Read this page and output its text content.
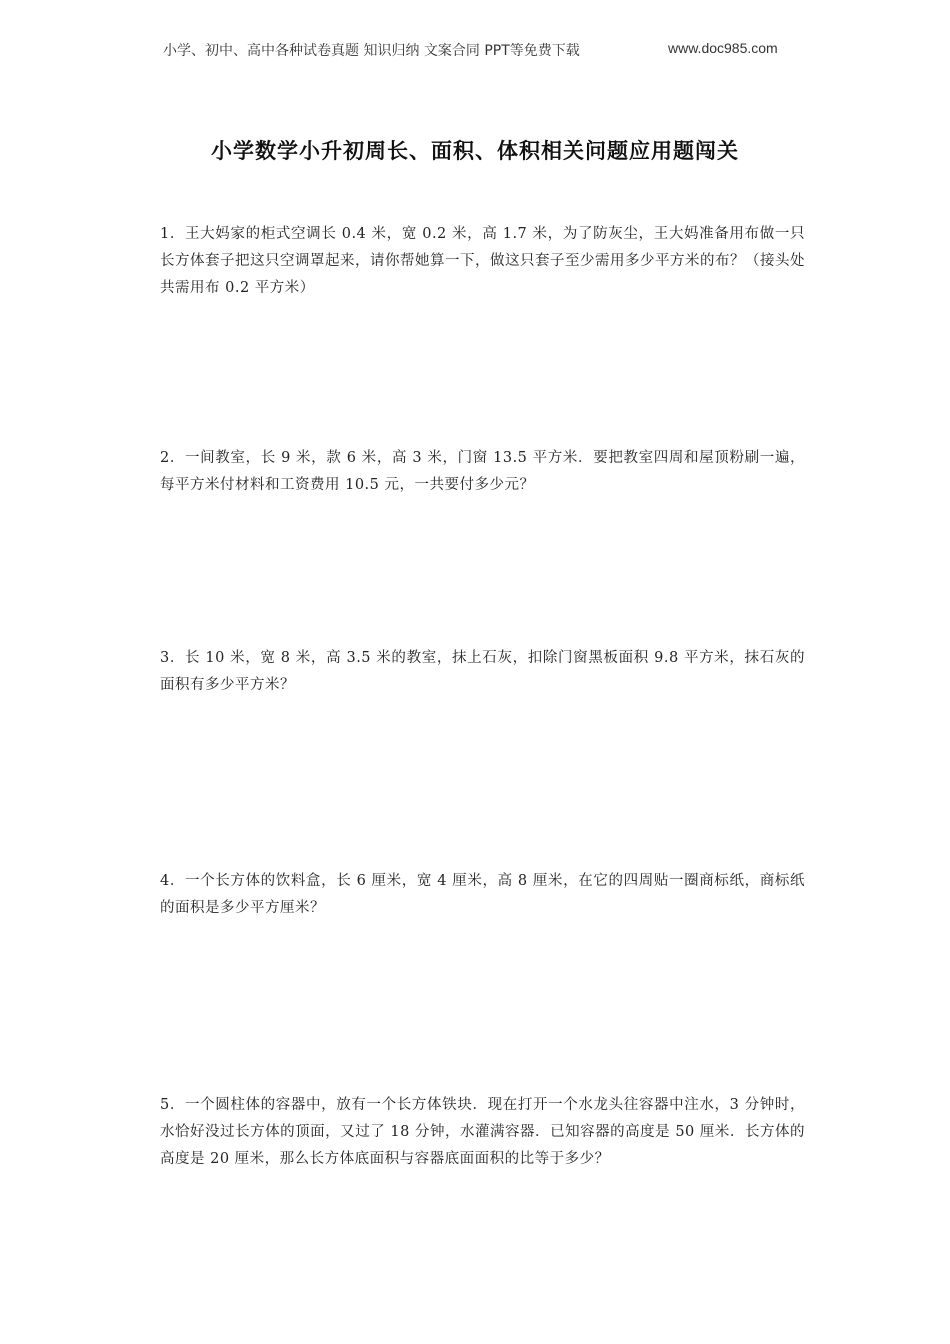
小学、初中、高中各种试卷真题 知识归纳 文案合同 PPT等免费下载	www.doc985.com
小学数学小升初周长、面积、体积相关问题应用题闯关
1．王大妈家的柜式空调长 0.4 米，宽 0.2 米，高 1.7 米，为了防灰尘，王大妈准备用布做一只长方体套子把这只空调罩起来，请你帮她算一下，做这只套子至少需用多少平方米的布？（接头处共需用布 0.2 平方米）
2．一间教室，长 9 米，款 6 米，高 3 米，门窗 13.5 平方米．要把教室四周和屋顶粉刷一遍，每平方米付材料和工资费用 10.5 元，一共要付多少元？
3．长 10 米，宽 8 米，高 3.5 米的教室，抹上石灰，扣除门窗黑板面积 9.8 平方米，抹石灰的面积有多少平方米？
4．一个长方体的饮料盒，长 6 厘米，宽 4 厘米，高 8 厘米，在它的四周贴一圈商标纸，商标纸的面积是多少平方厘米？
5．一个圆柱体的容器中，放有一个长方体铁块．现在打开一个水龙头往容器中注水，3 分钟时，水恰好没过长方体的顶面，又过了 18 分钟，水灌满容器．已知容器的高度是 50 厘米．长方体的高度是 20 厘米，那么长方体底面积与容器底面面积的比等于多少？
